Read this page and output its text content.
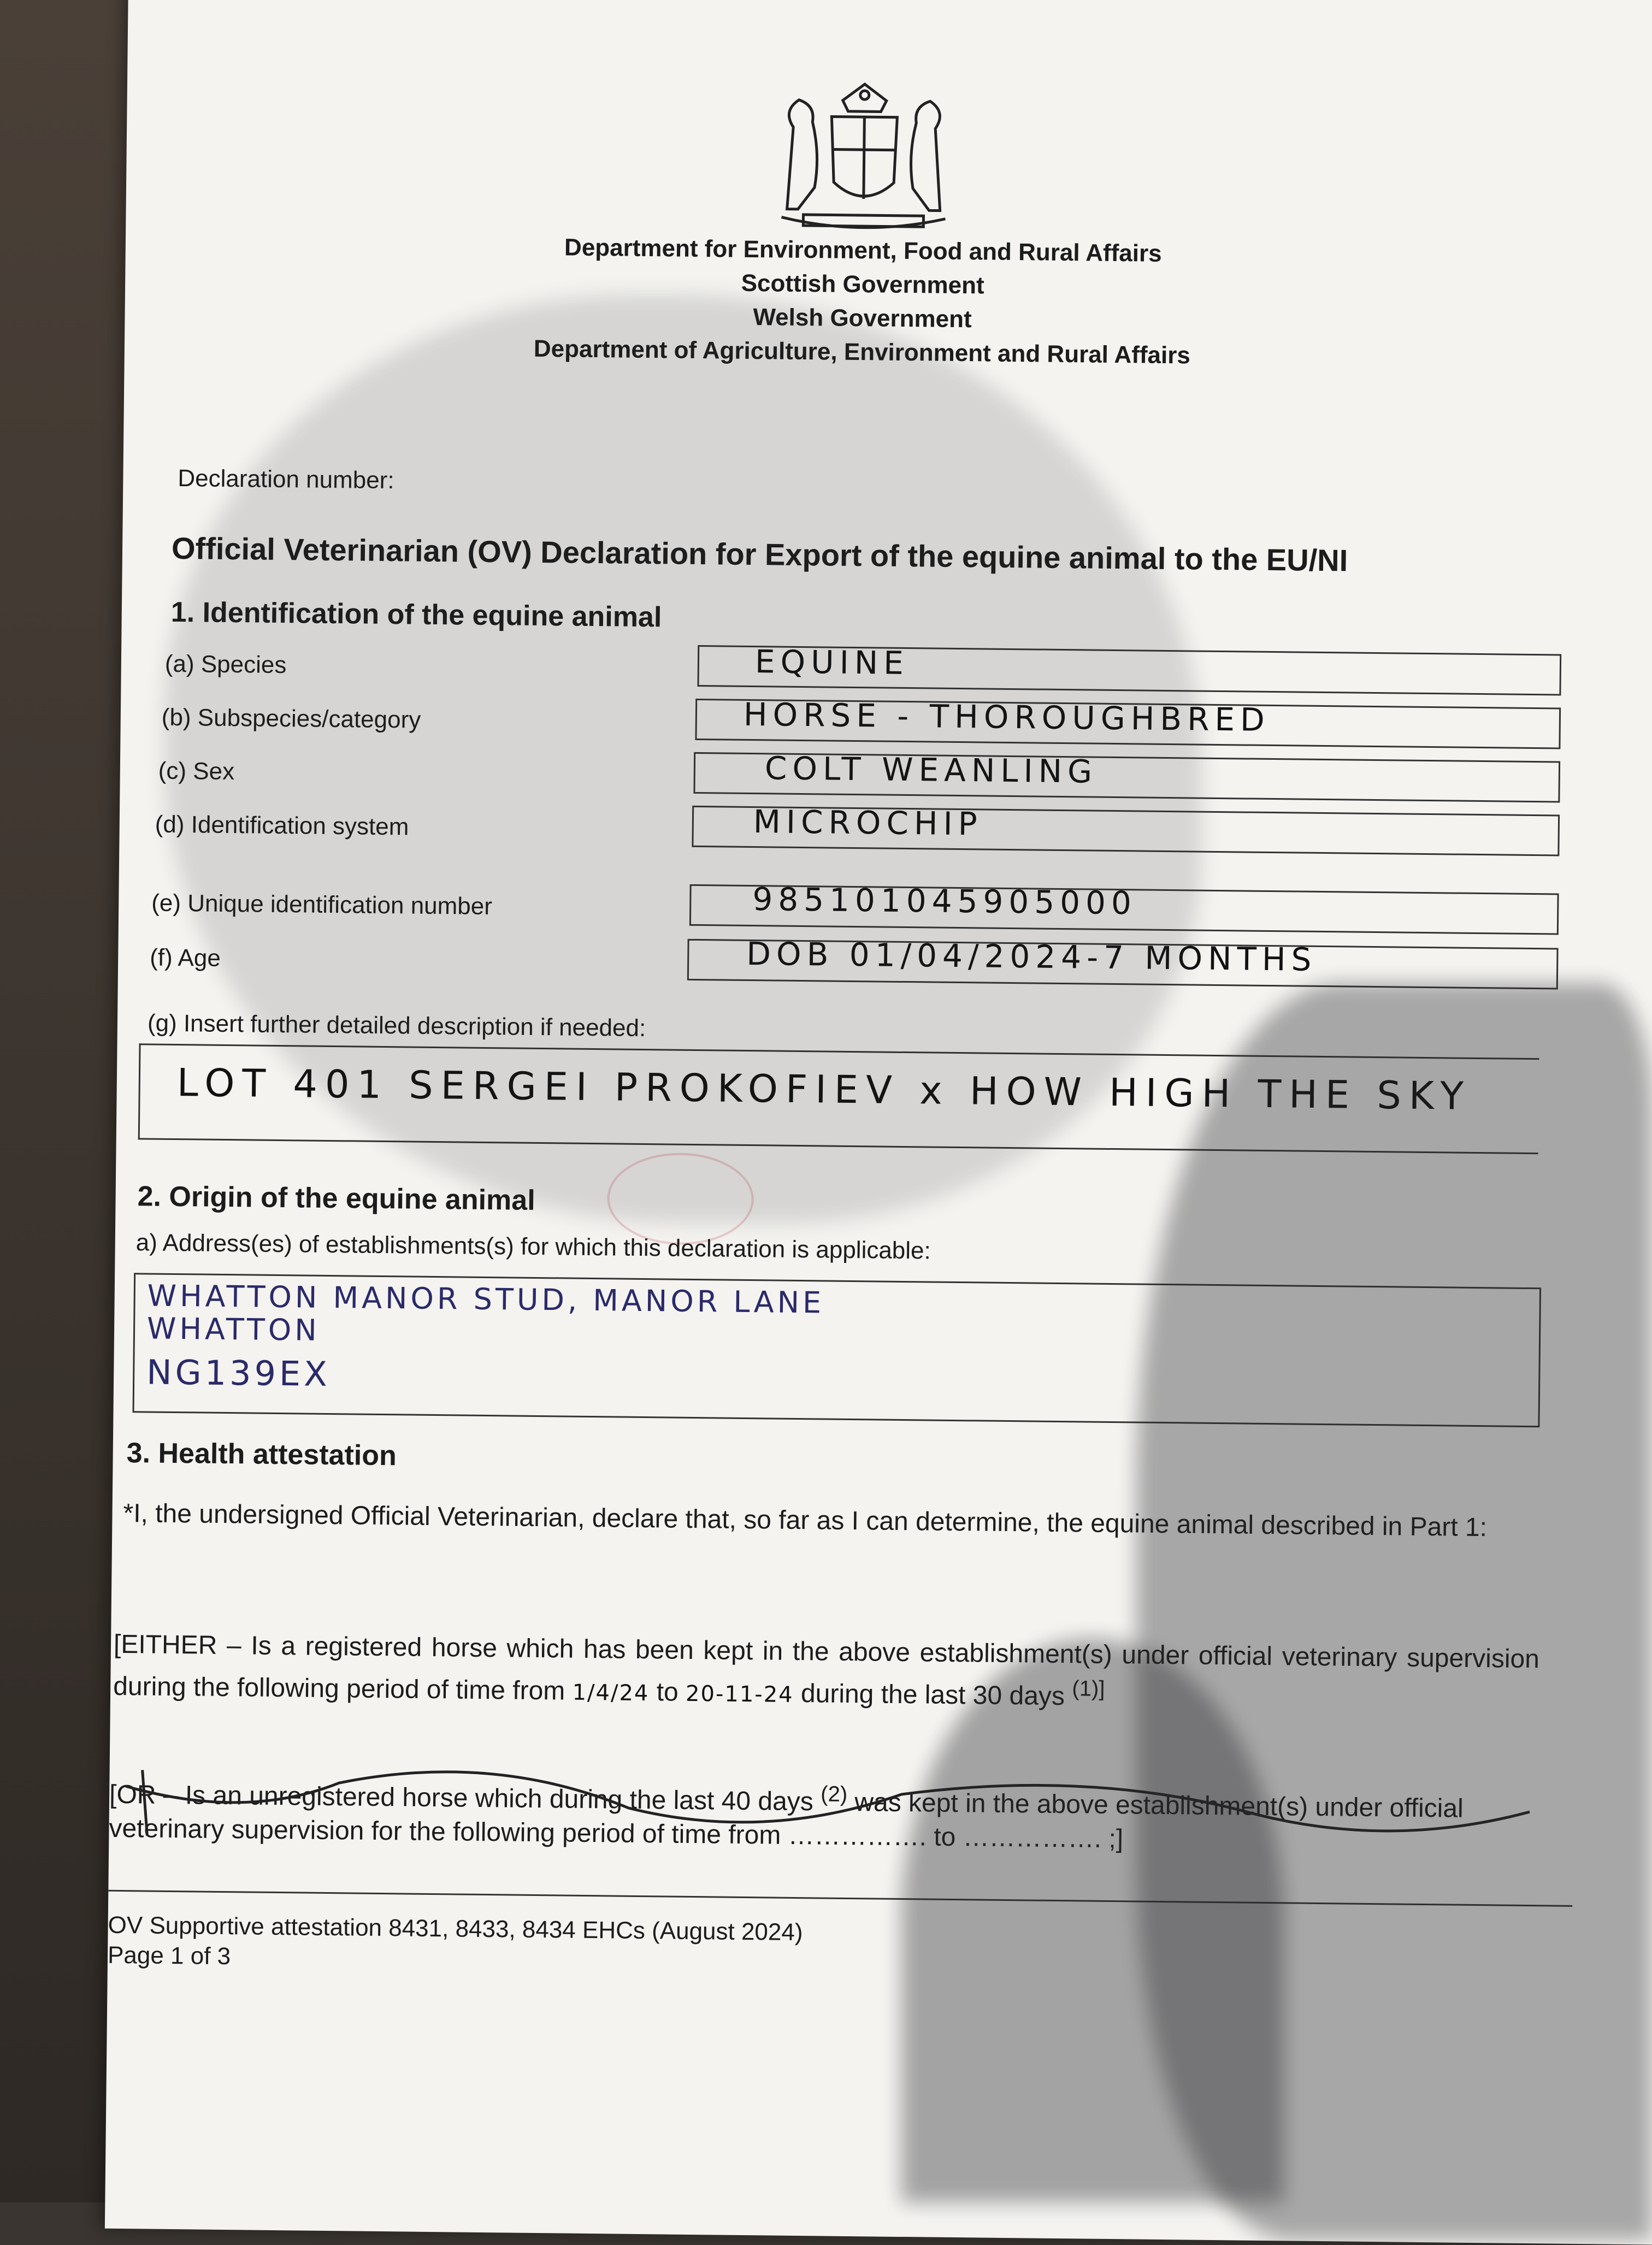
Department for Environment, Food and Rural Affairs
Scottish Government
Welsh Government
Department of Agriculture, Environment and Rural Affairs
Declaration number:
Official Veterinarian (OV) Declaration for Export of the equine animal to the EU/NI
1. Identification of the equine animal
(a) Species	EQUINE
(b) Subspecies/category	HORSE - THOROUGHBRED
(c) Sex	COLT WEANLING
(d) Identification system	MICROCHIP
(e) Unique identification number	985101045905000
(f) Age	DOB 01/04/2024-7 MONTHS
(g) Insert further detailed description if needed:
LOT 401 SERGEI PROKOFIEV x HOW HIGH THE SKY
2. Origin of the equine animal
a) Address(es) of establishments(s) for which this declaration is applicable:
WHATTON MANOR STUD, MANOR LANE
WHATTON
NG139EX
3. Health attestation
*I, the undersigned Official Veterinarian, declare that, so far as I can determine, the equine animal described in Part 1:
[EITHER – Is a registered horse which has been kept in the above establishment(s) under official veterinary supervision during the following period of time from 1/4/24 to 20-11-24 during the last 30 days $^{(1)]}$
[OR – Is an unregistered horse which during the last 40 days $^{(2)}$ was kept in the above establishment(s) under official veterinary supervision for the following period of time from ……………. to ……………. ;]
OV Supportive attestation 8431, 8433, 8434 EHCs (August 2024)
Page 1 of 3
